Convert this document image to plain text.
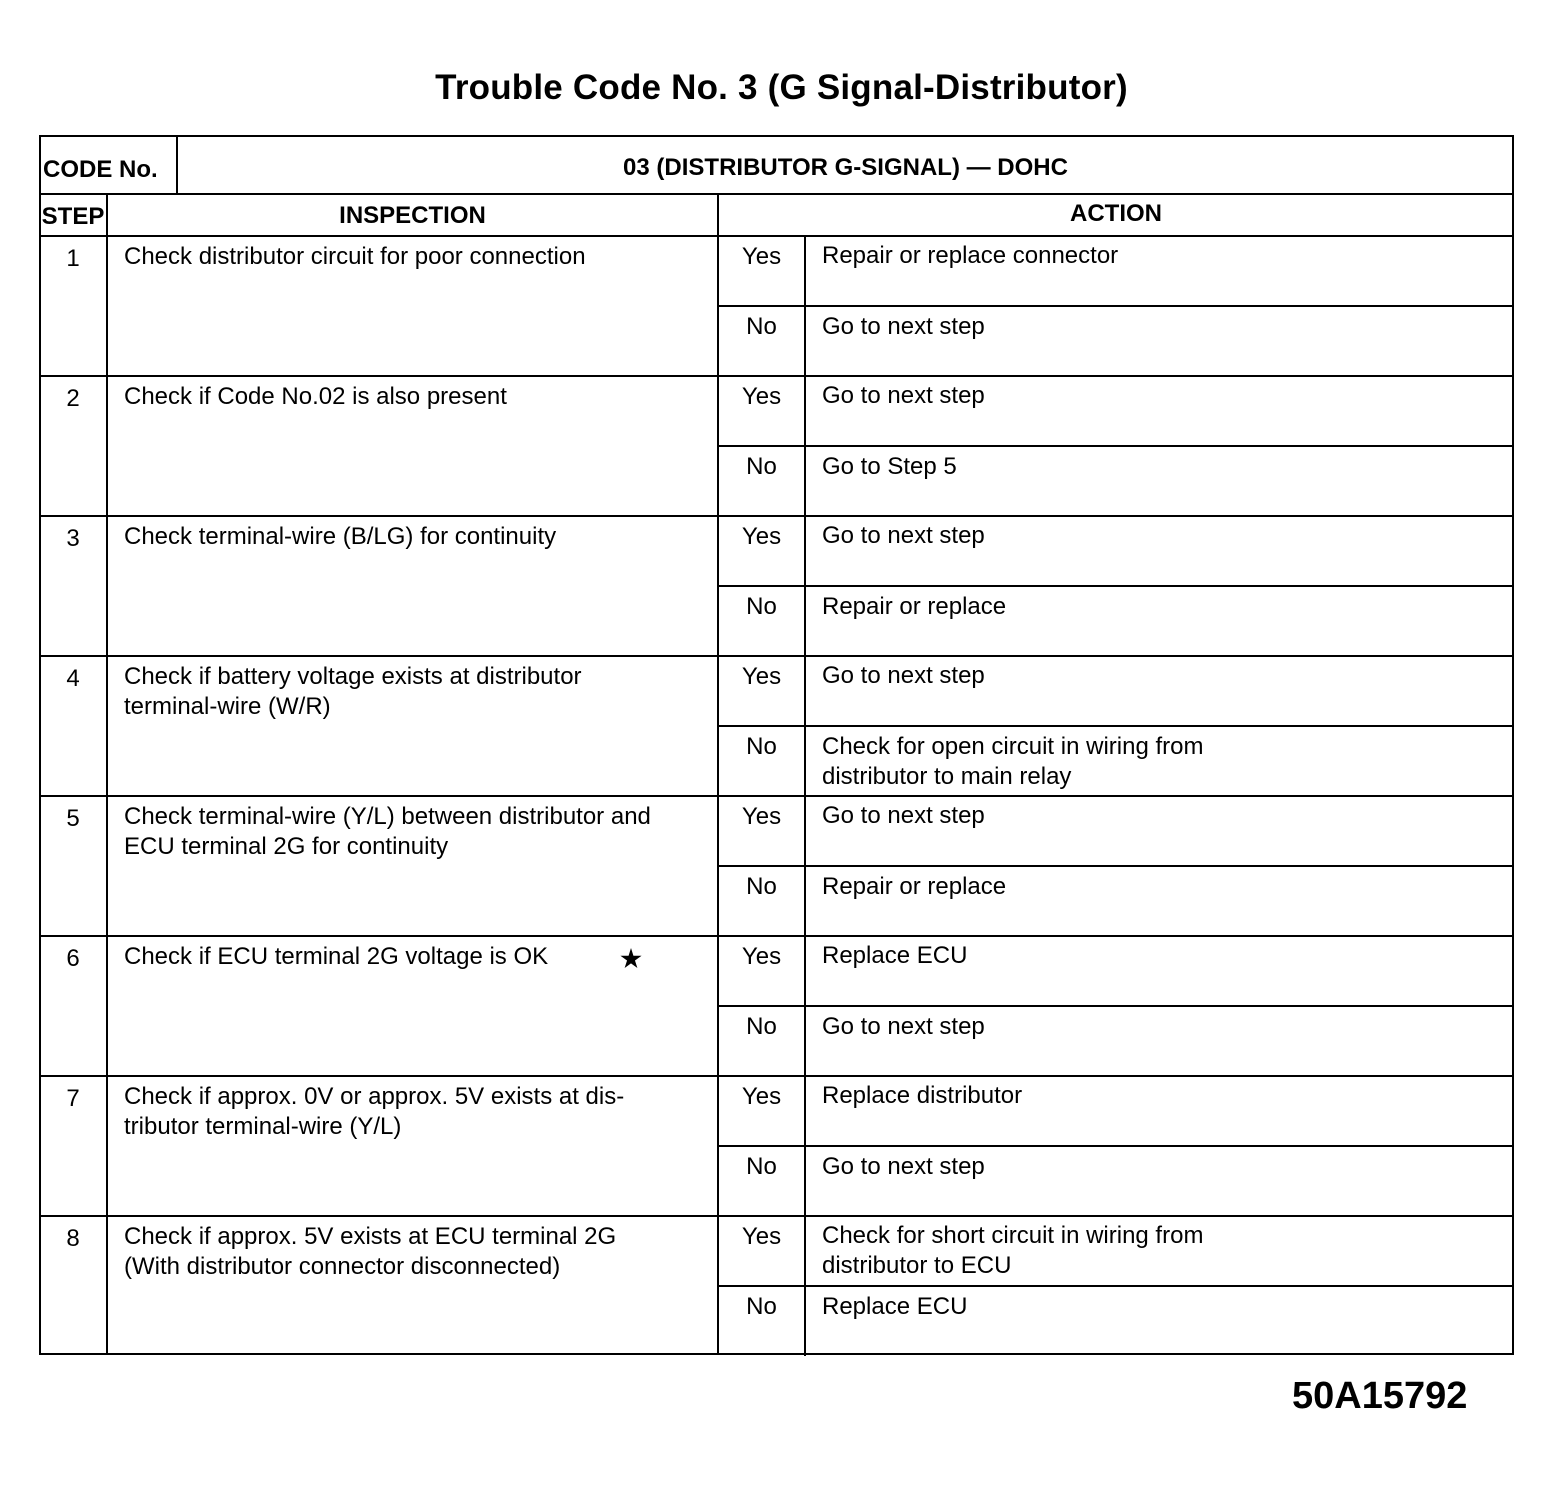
Trouble Code No. 3 (G Signal-Distributor)
CODE No.	03 (DISTRIBUTOR G-SIGNAL) — DOHC
STEP	INSPECTION	ACTION
1	Check distributor circuit for poor connection	Yes	Repair or replace connector
No	Go to next step
2	Check if Code No.02 is also present	Yes	Go to next step
No	Go to Step 5
3	Check terminal-wire (B/LG) for continuity	Yes	Go to next step
No	Repair or replace
4	Check if battery voltage exists at distributor
terminal-wire (W/R)
Yes	Go to next step
No	Check for open circuit in wiring from
distributor to main relay
5	Check terminal-wire (Y/L) between distributor and
ECU terminal 2G for continuity
Yes	Go to next step
No	Repair or replace
6	Check if ECU terminal 2G voltage is OK	Yes	Replace ECU
No	Go to next step
7	Check if approx. 0V or approx. 5V exists at dis-
tributor terminal-wire (Y/L)
Yes	Replace distributor
No	Go to next step
8	Check if approx. 5V exists at ECU terminal 2G
(With distributor connector disconnected)
Yes	Check for short circuit in wiring from
distributor to ECU
No	Replace ECU
50A15792
